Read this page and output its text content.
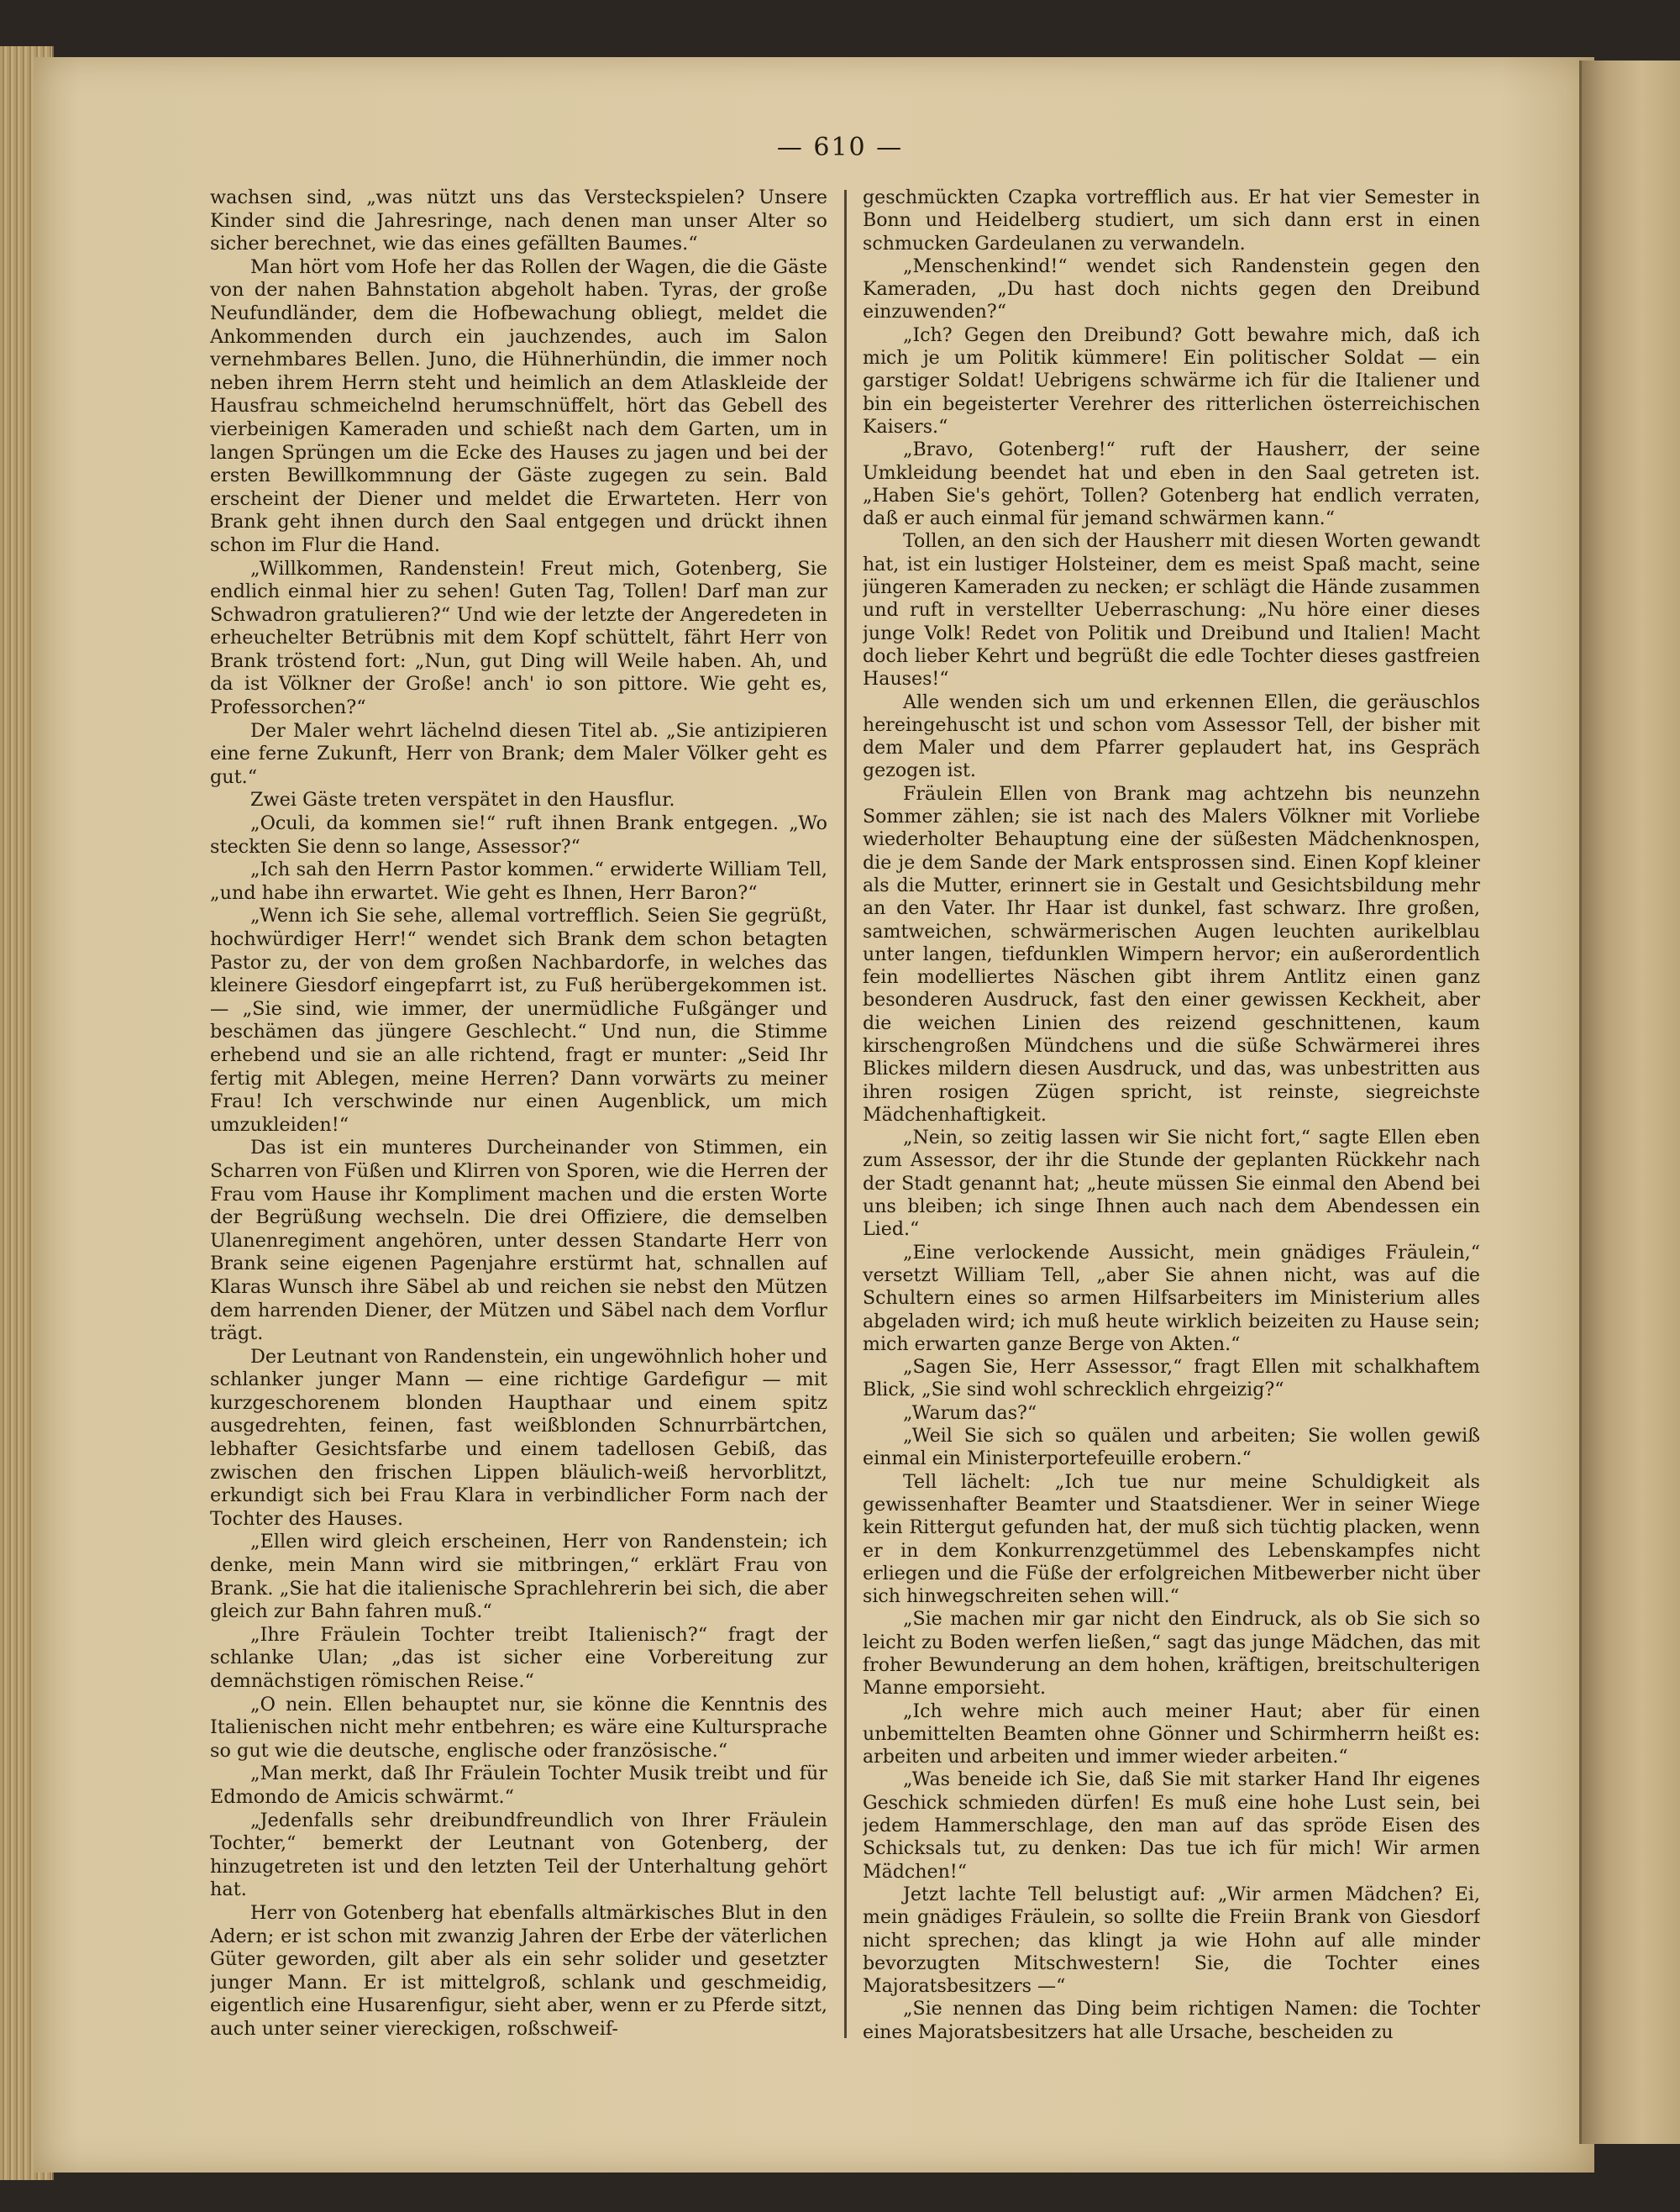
— 610 —

wachsen sind, „was nützt uns das Versteckspielen? Unsere Kinder sind die Jahresringe, nach denen man unser Alter so sicher berechnet, wie das eines gefällten Baumes.“

Man hört vom Hofe her das Rollen der Wagen, die die Gäste von der nahen Bahnstation abgeholt haben. Tyras, der große Neufundländer, dem die Hofbewachung obliegt, meldet die Ankommenden durch ein jauchzendes, auch im Salon vernehmbares Bellen. Juno, die Hühnerhündin, die immer noch neben ihrem Herrn steht und heimlich an dem Atlaskleide der Hausfrau schmeichelnd herumschnüffelt, hört das Gebell des vierbeinigen Kameraden und schießt nach dem Garten, um in langen Sprüngen um die Ecke des Hauses zu jagen und bei der ersten Bewillkommnung der Gäste zugegen zu sein. Bald erscheint der Diener und meldet die Erwarteten. Herr von Brank geht ihnen durch den Saal entgegen und drückt ihnen schon im Flur die Hand.

„Willkommen, Randenstein! Freut mich, Gotenberg, Sie endlich einmal hier zu sehen! Guten Tag, Tollen! Darf man zur Schwadron gratulieren?“ Und wie der letzte der Angeredeten in erheuchelter Betrübnis mit dem Kopf schüttelt, fährt Herr von Brank tröstend fort: „Nun, gut Ding will Weile haben. Ah, und da ist Völkner der Große! anch' io son pittore. Wie geht es, Professorchen?“

Der Maler wehrt lächelnd diesen Titel ab. „Sie antizipieren eine ferne Zukunft, Herr von Brank; dem Maler Völker geht es gut.“

Zwei Gäste treten verspätet in den Hausflur.

„Oculi, da kommen sie!“ ruft ihnen Brank entgegen. „Wo steckten Sie denn so lange, Assessor?“

„Ich sah den Herrn Pastor kommen.“ erwiderte William Tell, „und habe ihn erwartet. Wie geht es Ihnen, Herr Baron?“

„Wenn ich Sie sehe, allemal vortrefflich. Seien Sie gegrüßt, hochwürdiger Herr!“ wendet sich Brank dem schon betagten Pastor zu, der von dem großen Nachbardorfe, in welches das kleinere Giesdorf eingepfarrt ist, zu Fuß herübergekommen ist. — „Sie sind, wie immer, der unermüdliche Fußgänger und beschämen das jüngere Geschlecht.“ Und nun, die Stimme erhebend und sie an alle richtend, fragt er munter: „Seid Ihr fertig mit Ablegen, meine Herren? Dann vorwärts zu meiner Frau! Ich verschwinde nur einen Augenblick, um mich umzukleiden!“

Das ist ein munteres Durcheinander von Stimmen, ein Scharren von Füßen und Klirren von Sporen, wie die Herren der Frau vom Hause ihr Kompliment machen und die ersten Worte der Begrüßung wechseln. Die drei Offiziere, die demselben Ulanenregiment angehören, unter dessen Standarte Herr von Brank seine eigenen Pagenjahre erstürmt hat, schnallen auf Klaras Wunsch ihre Säbel ab und reichen sie nebst den Mützen dem harrenden Diener, der Mützen und Säbel nach dem Vorflur trägt.

Der Leutnant von Randenstein, ein ungewöhnlich hoher und schlanker junger Mann — eine richtige Gardefigur — mit kurzgeschorenem blonden Haupthaar und einem spitz ausgedrehten, feinen, fast weißblonden Schnurrbärtchen, lebhafter Gesichtsfarbe und einem tadellosen Gebiß, das zwischen den frischen Lippen bläulich-weiß hervorblitzt, erkundigt sich bei Frau Klara in verbindlicher Form nach der Tochter des Hauses.

„Ellen wird gleich erscheinen, Herr von Randenstein; ich denke, mein Mann wird sie mitbringen,“ erklärt Frau von Brank. „Sie hat die italienische Sprachlehrerin bei sich, die aber gleich zur Bahn fahren muß.“

„Ihre Fräulein Tochter treibt Italienisch?“ fragt der schlanke Ulan; „das ist sicher eine Vorbereitung zur demnächstigen römischen Reise.“

„O nein. Ellen behauptet nur, sie könne die Kenntnis des Italienischen nicht mehr entbehren; es wäre eine Kultursprache so gut wie die deutsche, englische oder französische.“

„Man merkt, daß Ihr Fräulein Tochter Musik treibt und für Edmondo de Amicis schwärmt.“

„Jedenfalls sehr dreibundfreundlich von Ihrer Fräulein Tochter,“ bemerkt der Leutnant von Gotenberg, der hinzugetreten ist und den letzten Teil der Unterhaltung gehört hat.

Herr von Gotenberg hat ebenfalls altmärkisches Blut in den Adern; er ist schon mit zwanzig Jahren der Erbe der väterlichen Güter geworden, gilt aber als ein sehr solider und gesetzter junger Mann. Er ist mittelgroß, schlank und geschmeidig, eigentlich eine Husarenfigur, sieht aber, wenn er zu Pferde sitzt, auch unter seiner viereckigen, roßschweif-

geschmückten Czapka vortrefflich aus. Er hat vier Semester in Bonn und Heidelberg studiert, um sich dann erst in einen schmucken Gardeulanen zu verwandeln.

„Menschenkind!“ wendet sich Randenstein gegen den Kameraden, „Du hast doch nichts gegen den Dreibund einzuwenden?“

„Ich? Gegen den Dreibund? Gott bewahre mich, daß ich mich je um Politik kümmere! Ein politischer Soldat — ein garstiger Soldat! Uebrigens schwärme ich für die Italiener und bin ein begeisterter Verehrer des ritterlichen österreichischen Kaisers.“

„Bravo, Gotenberg!“ ruft der Hausherr, der seine Umkleidung beendet hat und eben in den Saal getreten ist. „Haben Sie's gehört, Tollen? Gotenberg hat endlich verraten, daß er auch einmal für jemand schwärmen kann.“

Tollen, an den sich der Hausherr mit diesen Worten gewandt hat, ist ein lustiger Holsteiner, dem es meist Spaß macht, seine jüngeren Kameraden zu necken; er schlägt die Hände zusammen und ruft in verstellter Ueberraschung: „Nu höre einer dieses junge Volk! Redet von Politik und Dreibund und Italien! Macht doch lieber Kehrt und begrüßt die edle Tochter dieses gastfreien Hauses!“

Alle wenden sich um und erkennen Ellen, die geräuschlos hereingehuscht ist und schon vom Assessor Tell, der bisher mit dem Maler und dem Pfarrer geplaudert hat, ins Gespräch gezogen ist.

Fräulein Ellen von Brank mag achtzehn bis neunzehn Sommer zählen; sie ist nach des Malers Völkner mit Vorliebe wiederholter Behauptung eine der süßesten Mädchenknospen, die je dem Sande der Mark entsprossen sind. Einen Kopf kleiner als die Mutter, erinnert sie in Gestalt und Gesichtsbildung mehr an den Vater. Ihr Haar ist dunkel, fast schwarz. Ihre großen, samtweichen, schwärmerischen Augen leuchten aurikelblau unter langen, tiefdunklen Wimpern hervor; ein außerordentlich fein modelliertes Näschen gibt ihrem Antlitz einen ganz besonderen Ausdruck, fast den einer gewissen Keckheit, aber die weichen Linien des reizend geschnittenen, kaum kirschengroßen Mündchens und die süße Schwärmerei ihres Blickes mildern diesen Ausdruck, und das, was unbestritten aus ihren rosigen Zügen spricht, ist reinste, siegreichste Mädchenhaftigkeit.

„Nein, so zeitig lassen wir Sie nicht fort,“ sagte Ellen eben zum Assessor, der ihr die Stunde der geplanten Rückkehr nach der Stadt genannt hat; „heute müssen Sie einmal den Abend bei uns bleiben; ich singe Ihnen auch nach dem Abendessen ein Lied.“

„Eine verlockende Aussicht, mein gnädiges Fräulein,“ versetzt William Tell, „aber Sie ahnen nicht, was auf die Schultern eines so armen Hilfsarbeiters im Ministerium alles abgeladen wird; ich muß heute wirklich beizeiten zu Hause sein; mich erwarten ganze Berge von Akten.“

„Sagen Sie, Herr Assessor,“ fragt Ellen mit schalkhaftem Blick, „Sie sind wohl schrecklich ehrgeizig?“

„Warum das?“

„Weil Sie sich so quälen und arbeiten; Sie wollen gewiß einmal ein Ministerportefeuille erobern.“

Tell lächelt: „Ich tue nur meine Schuldigkeit als gewissenhafter Beamter und Staatsdiener. Wer in seiner Wiege kein Rittergut gefunden hat, der muß sich tüchtig placken, wenn er in dem Konkurrenzgetümmel des Lebenskampfes nicht erliegen und die Füße der erfolgreichen Mitbewerber nicht über sich hinwegschreiten sehen will.“

„Sie machen mir gar nicht den Eindruck, als ob Sie sich so leicht zu Boden werfen ließen,“ sagt das junge Mädchen, das mit froher Bewunderung an dem hohen, kräftigen, breitschulterigen Manne emporsieht.

„Ich wehre mich auch meiner Haut; aber für einen unbemittelten Beamten ohne Gönner und Schirmherrn heißt es: arbeiten und arbeiten und immer wieder arbeiten.“

„Was beneide ich Sie, daß Sie mit starker Hand Ihr eigenes Geschick schmieden dürfen! Es muß eine hohe Lust sein, bei jedem Hammerschlage, den man auf das spröde Eisen des Schicksals tut, zu denken: Das tue ich für mich! Wir armen Mädchen!“

Jetzt lachte Tell belustigt auf: „Wir armen Mädchen? Ei, mein gnädiges Fräulein, so sollte die Freiin Brank von Giesdorf nicht sprechen; das klingt ja wie Hohn auf alle minder bevorzugten Mitschwestern! Sie, die Tochter eines Majoratsbesitzers —“

„Sie nennen das Ding beim richtigen Namen: die Tochter eines Majoratsbesitzers hat alle Ursache, bescheiden zu
